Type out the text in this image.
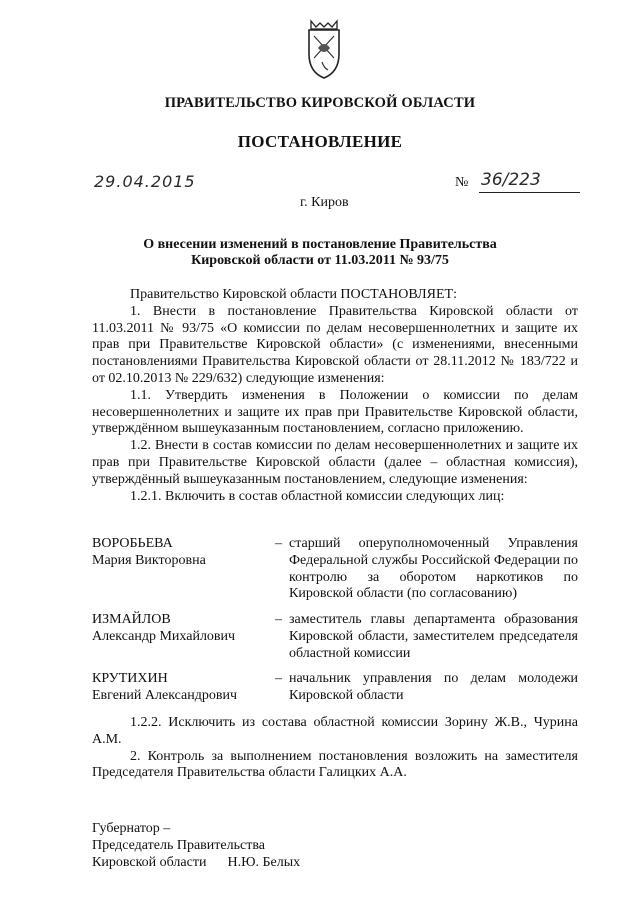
ПРАВИТЕЛЬСТВО КИРОВСКОЙ ОБЛАСТИ
ПОСТАНОВЛЕНИЕ
29.04.2015	№ 36/223
г. Киров
О внесении изменений в постановление Правительства
Кировской области от 11.03.2011 № 93/75

Правительство Кировской области ПОСТАНОВЛЯЕТ:

1. Внести в постановление Правительства Кировской области от 11.03.2011 № 93/75 «О комиссии по делам несовершеннолетних и защите их прав при Правительстве Кировской области» (с изменениями, внесенными постановлениями Правительства Кировской области от 28.11.2012 № 183/722 и от 02.10.2013 № 229/632) следующие изменения:

1.1. Утвердить изменения в Положении о комиссии по делам несовершеннолетних и защите их прав при Правительстве Кировской области, утверждённом вышеуказанным постановлением, согласно приложению.

1.2. Внести в состав комиссии по делам несовершеннолетних и защите их прав при Правительстве Кировской области (далее – областная комиссия), утверждённый вышеуказанным постановлением, следующие изменения:

1.2.1. Включить в состав областной комиссии следующих лиц:

ВОРОБЬЕВА
Мария Викторовна
– старший оперуполномоченный Управления Федеральной службы Российской Федерации по контролю за оборотом наркотиков по Кировской области (по согласованию)
ИЗМАЙЛОВ
Александр Михайлович
– заместитель главы департамента образования Кировской области, заместителем председателя областной комиссии
КРУТИХИН
Евгений Александрович
– начальник управления по делам молодежи Кировской области

1.2.2. Исключить из состава областной комиссии Зорину Ж.В., Чурина А.М.

2. Контроль за выполнением постановления возложить на заместителя Председателя Правительства области Галицких А.А.

Губернатор –
Председатель Правительства
Кировской области Н.Ю. Белых
